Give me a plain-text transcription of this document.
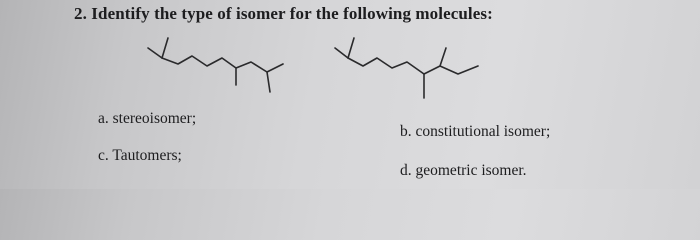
2. Identify the type of isomer for the following molecules:
a. stereoisomer;
b. constitutional isomer;
c. Tautomers;
d. geometric isomer.
